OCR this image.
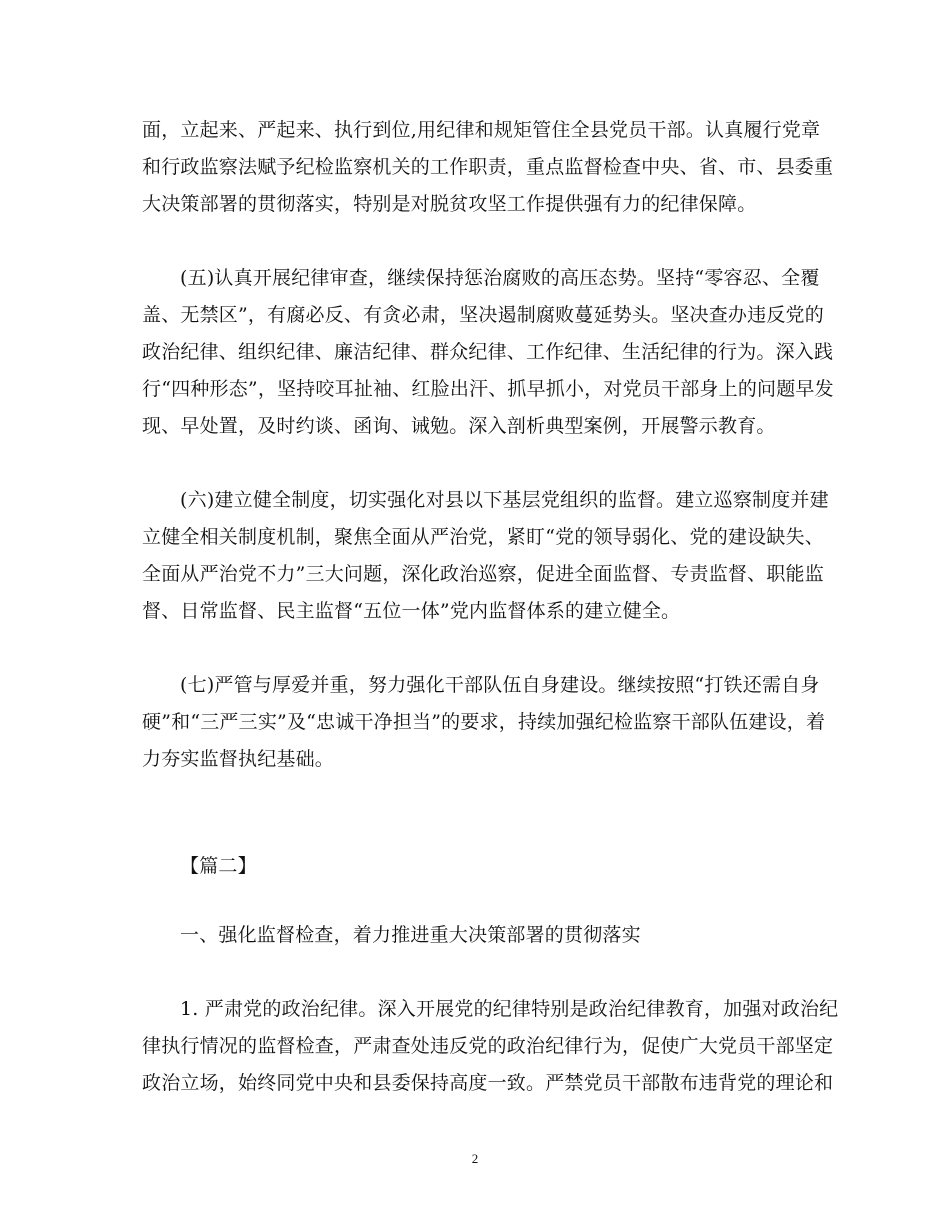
面，立起来、严起来、执行到位,用纪律和规矩管住全县党员干部。认真履行党章
和行政监察法赋予纪检监察机关的工作职责，重点监督检查中央、省、市、县委重
大决策部署的贯彻落实，特别是对脱贫攻坚工作提供强有力的纪律保障。
(五)认真开展纪律审查，继续保持惩治腐败的高压态势。坚持“零容忍、全覆
盖、无禁区”，有腐必反、有贪必肃，坚决遏制腐败蔓延势头。坚决查办违反党的
政治纪律、组织纪律、廉洁纪律、群众纪律、工作纪律、生活纪律的行为。深入践
行“四种形态”，坚持咬耳扯袖、红脸出汗、抓早抓小，对党员干部身上的问题早发
现、早处置，及时约谈、函询、诫勉。深入剖析典型案例，开展警示教育。
(六)建立健全制度，切实强化对县以下基层党组织的监督。建立巡察制度并建
立健全相关制度机制，聚焦全面从严治党，紧盯“党的领导弱化、党的建设缺失、
全面从严治党不力”三大问题，深化政治巡察，促进全面监督、专责监督、职能监
督、日常监督、民主监督“五位一体”党内监督体系的建立健全。
(七)严管与厚爱并重，努力强化干部队伍自身建设。继续按照“打铁还需自身
硬”和“三严三实”及“忠诚干净担当”的要求，持续加强纪检监察干部队伍建设，着
力夯实监督执纪基础。
【篇二】
一、强化监督检查，着力推进重大决策部署的贯彻落实
1. 严肃党的政治纪律。深入开展党的纪律特别是政治纪律教育，加强对政治纪
律执行情况的监督检查，严肃查处违反党的政治纪律行为，促使广大党员干部坚定
政治立场，始终同党中央和县委保持高度一致。严禁党员干部散布违背党的理论和
2
